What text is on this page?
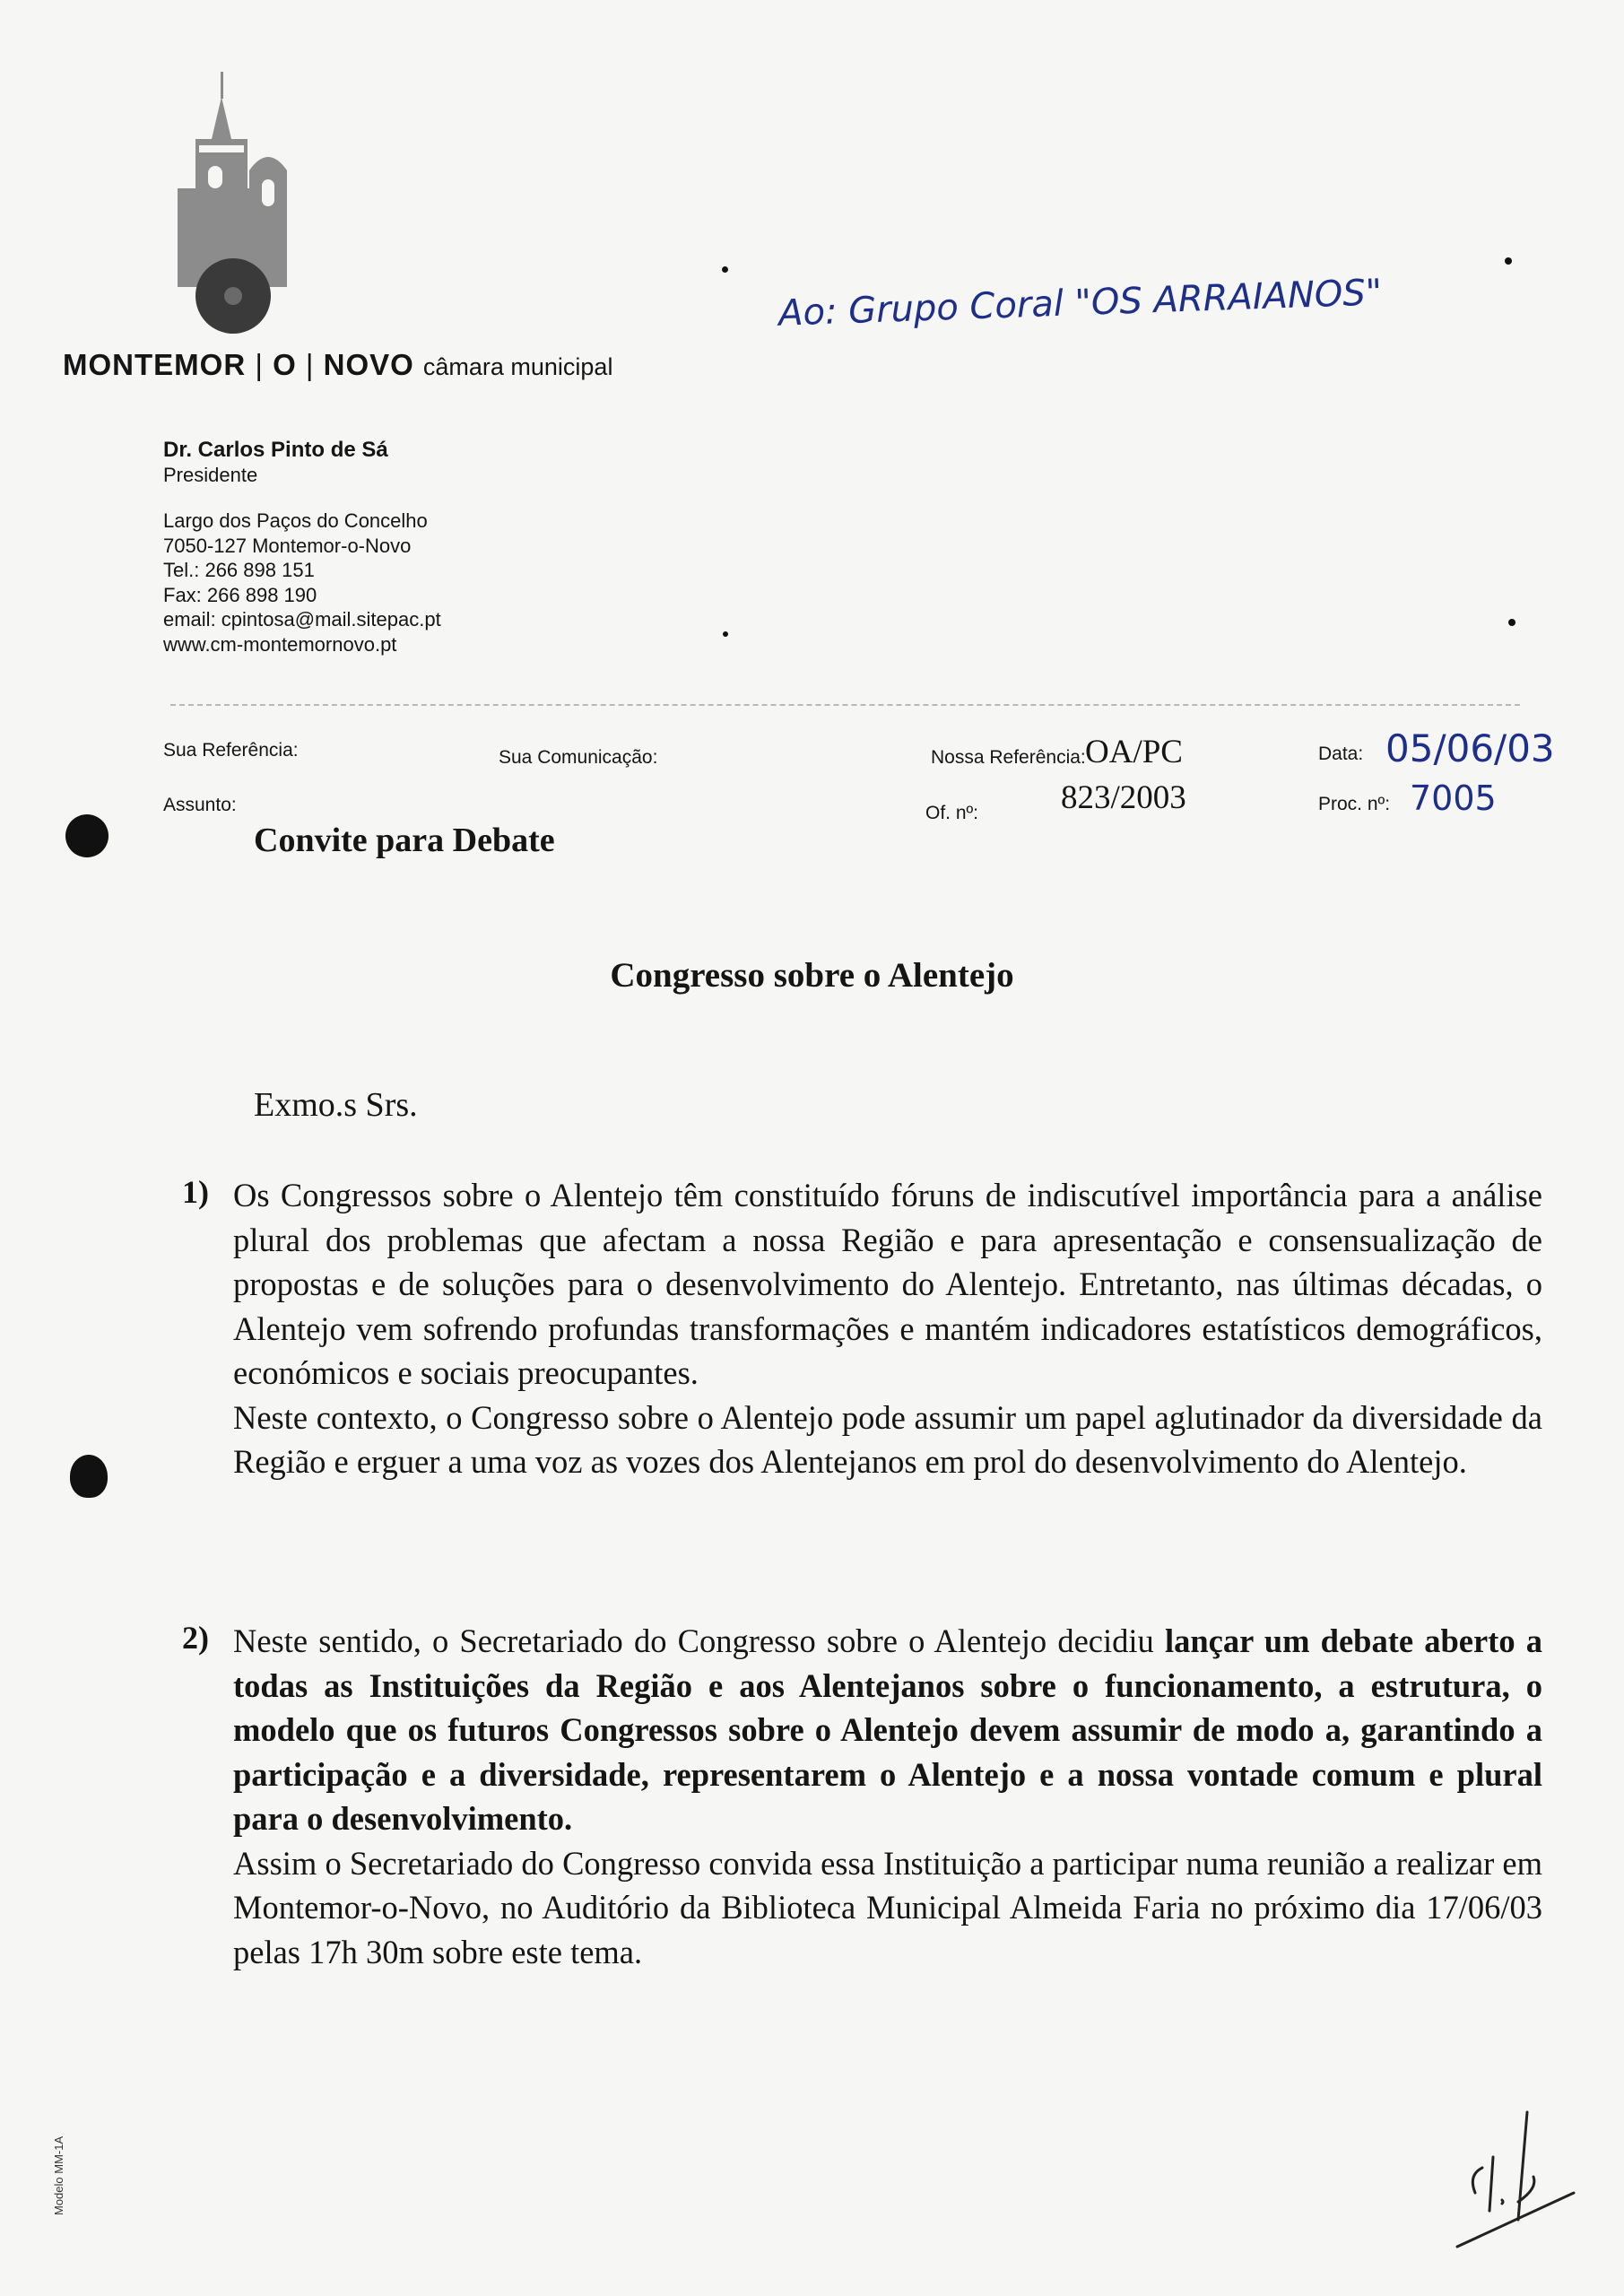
MONTEMOR | O | NOVO câmara municipal
Ao: Grupo Coral "OS ARRAIANOS"
Dr. Carlos Pinto de Sá
Presidente
Largo dos Paços do Concelho
7050-127 Montemor-o-Novo
Tel.: 266 898 151
Fax: 266 898 190
email: cpintosa@mail.sitepac.pt
www.cm-montemornovo.pt
Sua Referência:	Sua Comunicação:	Nossa Referência: OA/PC	Data: 05/06/03
Assunto:	Of. nº: 823/2003	Proc. nº: 7005
Convite para Debate
Congresso sobre o Alentejo
Exmo.s Srs.
1) Os Congressos sobre o Alentejo têm constituído fóruns de indiscutível importância para a análise plural dos problemas que afectam a nossa Região e para apresentação e consensualização de propostas e de soluções para o desenvolvimento do Alentejo. Entretanto, nas últimas décadas, o Alentejo vem sofrendo profundas transformações e mantém indicadores estatísticos demográficos, económicos e sociais preocupantes.

Neste contexto, o Congresso sobre o Alentejo pode assumir um papel aglutinador da diversidade da Região e erguer a uma voz as vozes dos Alentejanos em prol do desenvolvimento do Alentejo.

2) Neste sentido, o Secretariado do Congresso sobre o Alentejo decidiu lançar um debate aberto a todas as Instituições da Região e aos Alentejanos sobre o funcionamento, a estrutura, o modelo que os futuros Congressos sobre o Alentejo devem assumir de modo a, garantindo a participação e a diversidade, representarem o Alentejo e a nossa vontade comum e plural para o desenvolvimento.

Assim o Secretariado do Congresso convida essa Instituição a participar numa reunião a realizar em Montemor-o-Novo, no Auditório da Biblioteca Municipal Almeida Faria no próximo dia 17/06/03 pelas 17h 30m sobre este tema.

Modelo MM-1A
